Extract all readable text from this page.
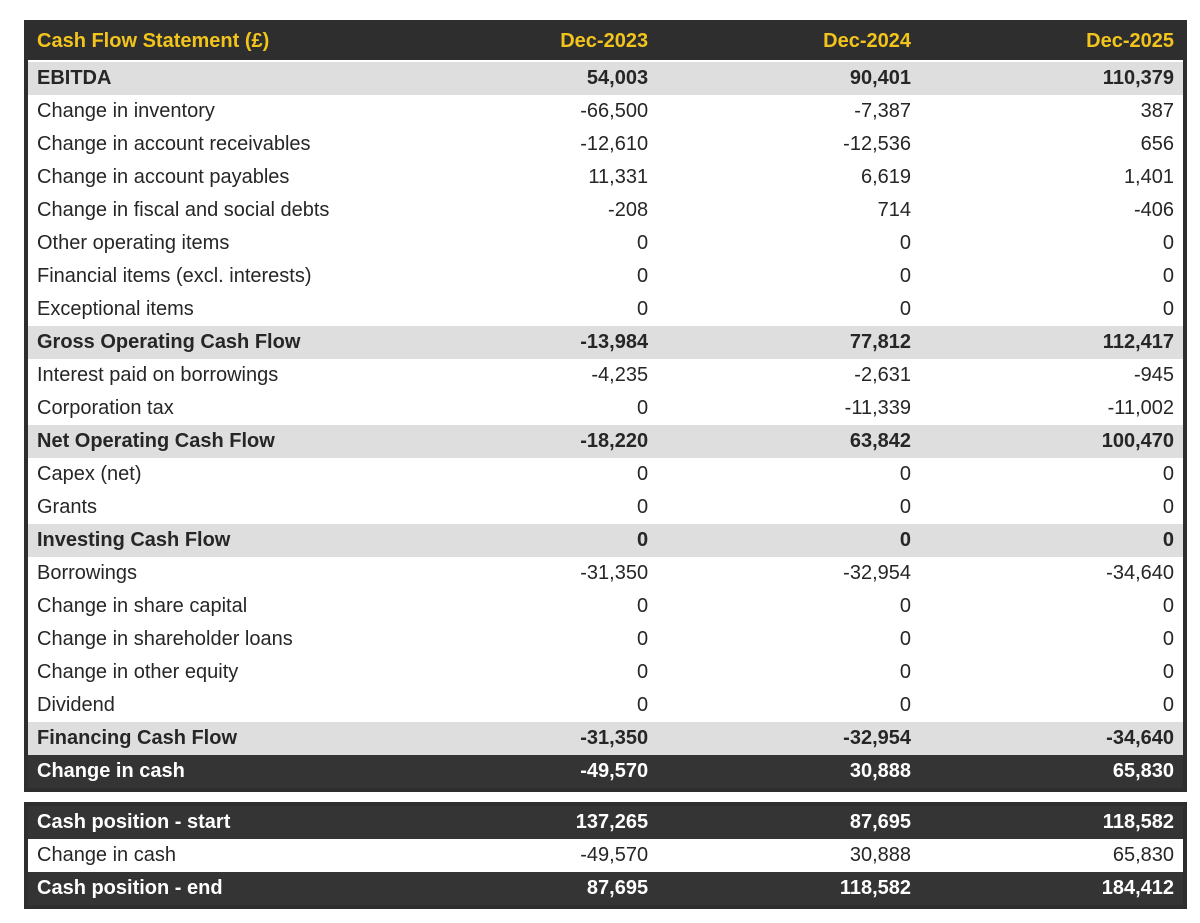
Cash Flow Statement (£)	Dec-2023	Dec-2024	Dec-2025
EBITDA	54,003	90,401	110,379
Change in inventory	-66,500	-7,387	387
Change in account receivables	-12,610	-12,536	656
Change in account payables	11,331	6,619	1,401
Change in fiscal and social debts	-208	714	-406
Other operating items	0	0	0
Financial items (excl. interests)	0	0	0
Exceptional items	0	0	0
Gross Operating Cash Flow	-13,984	77,812	112,417
Interest paid on borrowings	-4,235	-2,631	-945
Corporation tax	0	-11,339	-11,002
Net Operating Cash Flow	-18,220	63,842	100,470
Capex (net)	0	0	0
Grants	0	0	0
Investing Cash Flow	0	0	0
Borrowings	-31,350	-32,954	-34,640
Change in share capital	0	0	0
Change in shareholder loans	0	0	0
Change in other equity	0	0	0
Dividend	0	0	0
Financing Cash Flow	-31,350	-32,954	-34,640
Change in cash	-49,570	30,888	65,830
Cash position - start	137,265	87,695	118,582
Change in cash	-49,570	30,888	65,830
Cash position - end	87,695	118,582	184,412
